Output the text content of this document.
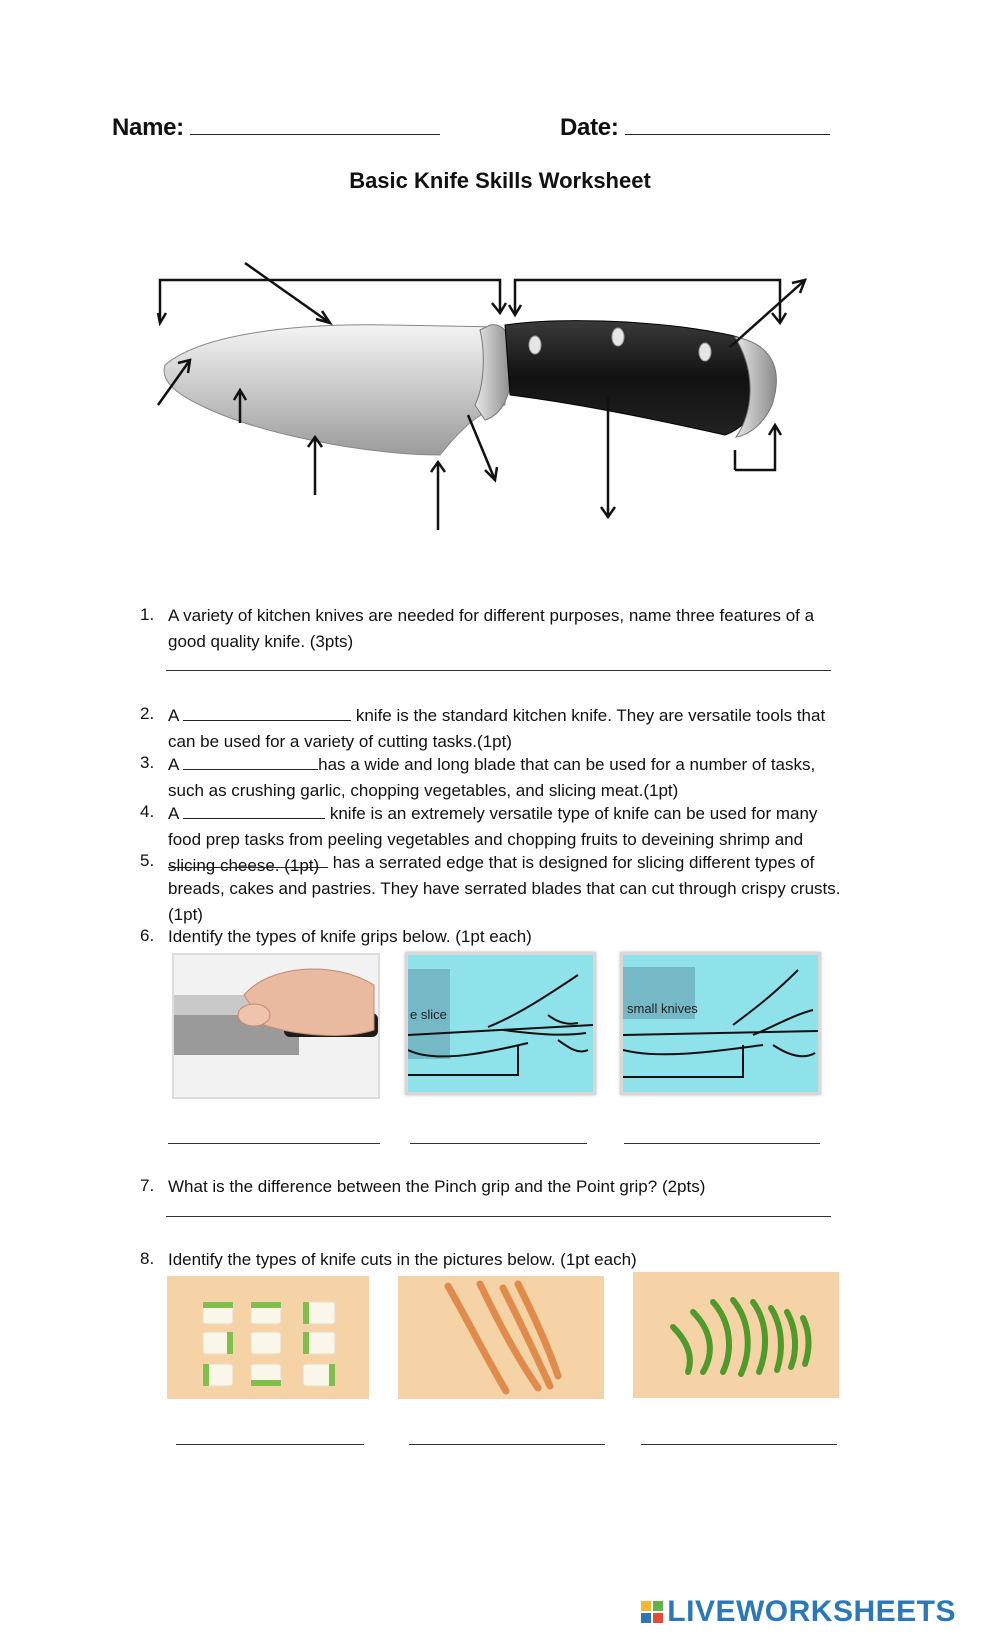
Name:	Date:
Basic Knife Skills Worksheet
1. A variety of kitchen knives are needed for different purposes, name three features of a good quality knife. (3pts)
2. A	knife is the standard kitchen knife. They are versatile tools that can be used for a variety of cutting tasks.(1pt)
3. A	has a wide and long blade that can be used for a number of tasks, such as crushing garlic, chopping vegetables, and slicing meat.(1pt)
4. A	knife is an extremely versatile type of knife can be used for many food prep tasks from peeling vegetables and chopping fruits to deveining shrimp and slicing cheese. (1pt)
5.	has a serrated edge that is designed for slicing different types of breads, cakes and pastries. They have serrated blades that can cut through crispy crusts. (1pt)
6. Identify the types of knife grips below. (1pt each)
e slice	small knives
7. What is the difference between the Pinch grip and the Point grip? (2pts)
8. Identify the types of knife cuts in the pictures below. (1pt each)
LIVEWORKSHEETS
